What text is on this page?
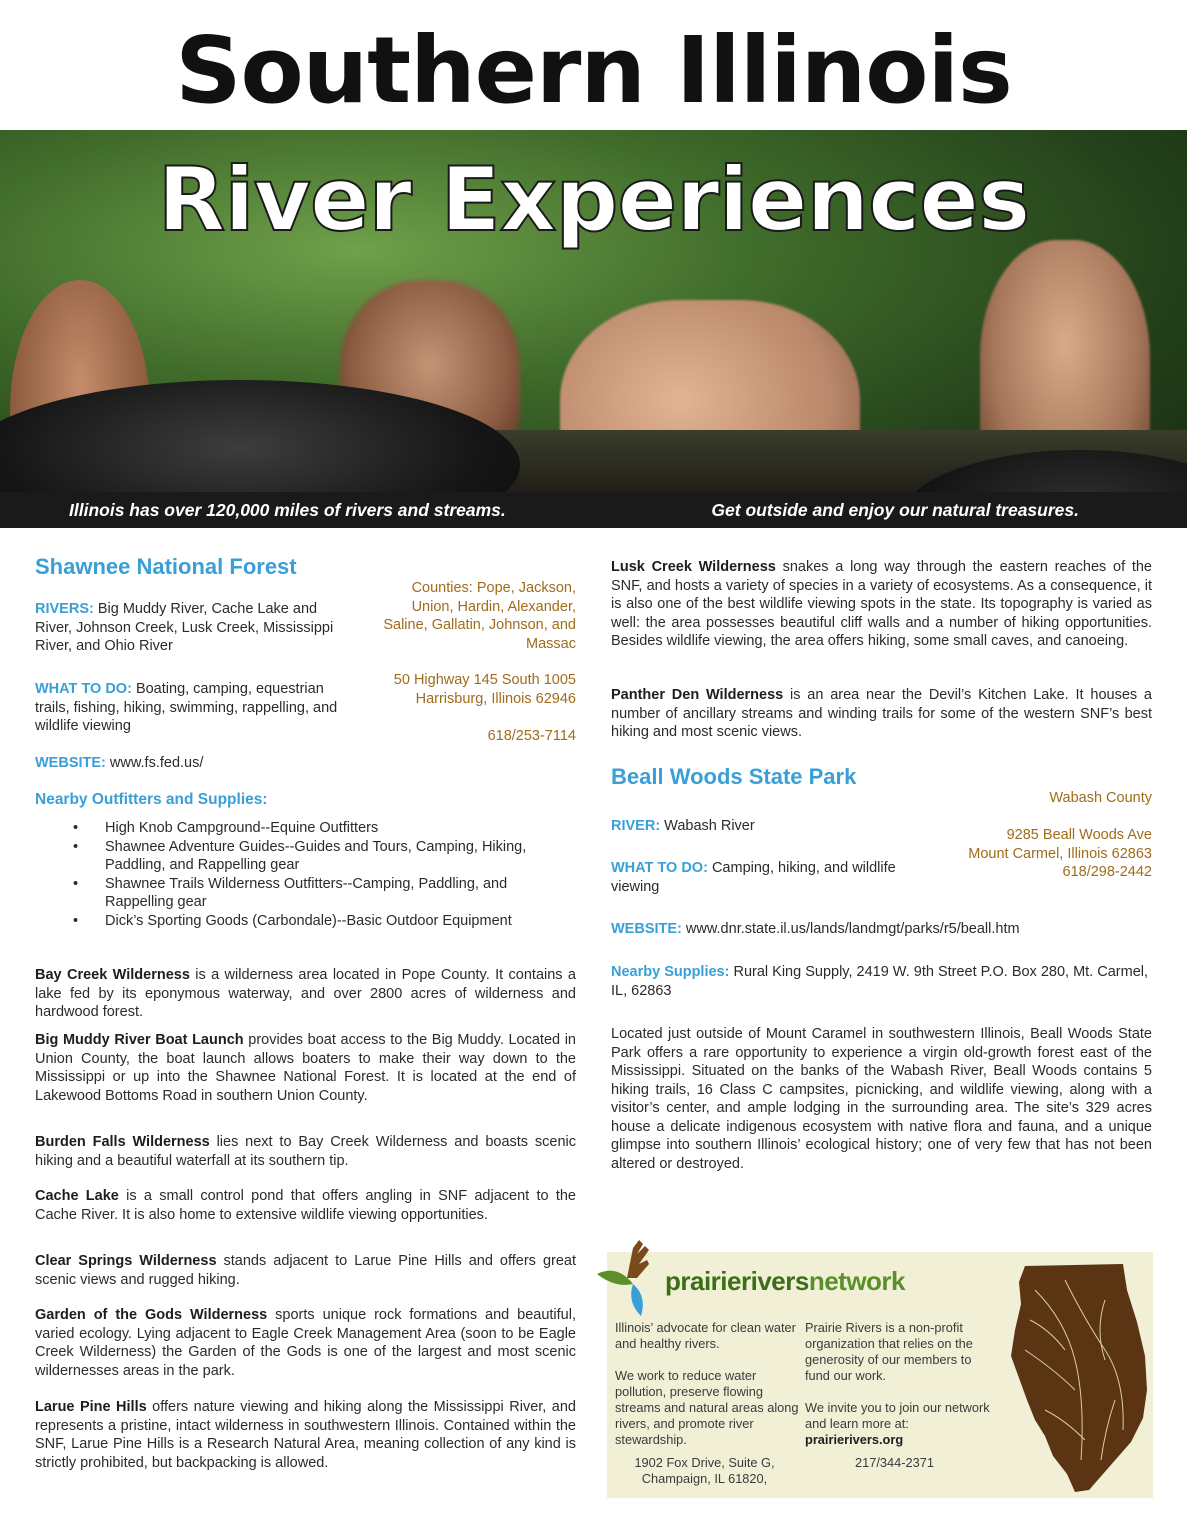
Southern Illinois
River Experiences
Illinois has over 120,000 miles of rivers and streams.	Get outside and enjoy our natural treasures.
Shawnee National Forest
RIVERS: Big Muddy River, Cache Lake and River, Johnson Creek, Lusk Creek, Mississippi River, and Ohio River
WHAT TO DO: Boating, camping, equestrian trails, fishing, hiking, swimming, rappelling, and wildlife viewing
WEBSITE: www.fs.fed.us/
Counties: Pope, Jackson, Union, Hardin, Alexander, Saline, Gallatin, Johnson, and Massac
50 Highway 145 South 1005
Harrisburg, Illinois 62946
618/253-7114
Nearby Outfitters and Supplies:
• High Knob Campground--Equine Outfitters
• Shawnee Adventure Guides--Guides and Tours, Camping, Hiking, Paddling, and Rappelling gear
• Shawnee Trails Wilderness Outfitters--Camping, Paddling, and Rappelling gear
• Dick’s Sporting Goods (Carbondale)--Basic Outdoor Equipment
Bay Creek Wilderness is a wilderness area located in Pope County. It contains a lake fed by its eponymous waterway, and over 2800 acres of wilderness and hardwood forest.
Big Muddy River Boat Launch provides boat access to the Big Muddy. Located in Union County, the boat launch allows boaters to make their way down to the Mississippi or up into the Shawnee National Forest. It is located at the end of Lakewood Bottoms Road in southern Union County.
Burden Falls Wilderness lies next to Bay Creek Wilderness and boasts scenic hiking and a beautiful waterfall at its southern tip.
Cache Lake is a small control pond that offers angling in SNF adjacent to the Cache River. It is also home to extensive wildlife viewing opportunities.
Clear Springs Wilderness stands adjacent to Larue Pine Hills and offers great scenic views and rugged hiking.
Garden of the Gods Wilderness sports unique rock formations and beautiful, varied ecology. Lying adjacent to Eagle Creek Management Area (soon to be Eagle Creek Wilderness) the Garden of the Gods is one of the largest and most scenic wildernesses areas in the park.
Larue Pine Hills offers nature viewing and hiking along the Mississippi River, and represents a pristine, intact wilderness in southwestern Illinois. Contained within the SNF, Larue Pine Hills is a Research Natural Area, meaning collection of any kind is strictly prohibited, but backpacking is allowed.
Lusk Creek Wilderness snakes a long way through the eastern reaches of the SNF, and hosts a variety of species in a variety of ecosystems. As a consequence, it is also one of the best wildlife viewing spots in the state. Its topography is varied as well: the area possesses beautiful cliff walls and a number of hiking opportunities. Besides wildlife viewing, the area offers hiking, some small caves, and canoeing.
Panther Den Wilderness is an area near the Devil’s Kitchen Lake. It houses a number of ancillary streams and winding trails for some of the western SNF’s best hiking and most scenic views.
Beall Woods State Park
Wabash County
RIVER: Wabash River
9285 Beall Woods Ave
Mount Carmel, Illinois 62863
618/298-2442
WHAT TO DO: Camping, hiking, and wildlife viewing
WEBSITE: www.dnr.state.il.us/lands/landmgt/parks/r5/beall.htm
Nearby Supplies: Rural King Supply, 2419 W. 9th Street P.O. Box 280, Mt. Carmel, IL, 62863
Located just outside of Mount Caramel in southwestern Illinois, Beall Woods State Park offers a rare opportunity to experience a virgin old-growth forest east of the Mississippi. Situated on the banks of the Wabash River, Beall Woods contains 5 hiking trails, 16 Class C campsites, picnicking, and wildlife viewing, along with a visitor’s center, and ample lodging in the surrounding area. The site’s 329 acres house a delicate indigenous ecosystem with native flora and fauna, and a unique glimpse into southern Illinois’ ecological history; one of very few that has not been altered or destroyed.
prairieriversnetwork
Illinois’ advocate for clean water and healthy rivers.
We work to reduce water pollution, preserve flowing streams and natural areas along rivers, and promote river stewardship.
Prairie Rivers is a non-profit organization that relies on the generosity of our members to fund our work.
We invite you to join our network and learn more at:
prairierivers.org
1902 Fox Drive, Suite G,
Champaign, IL 61820,
217/344-2371
